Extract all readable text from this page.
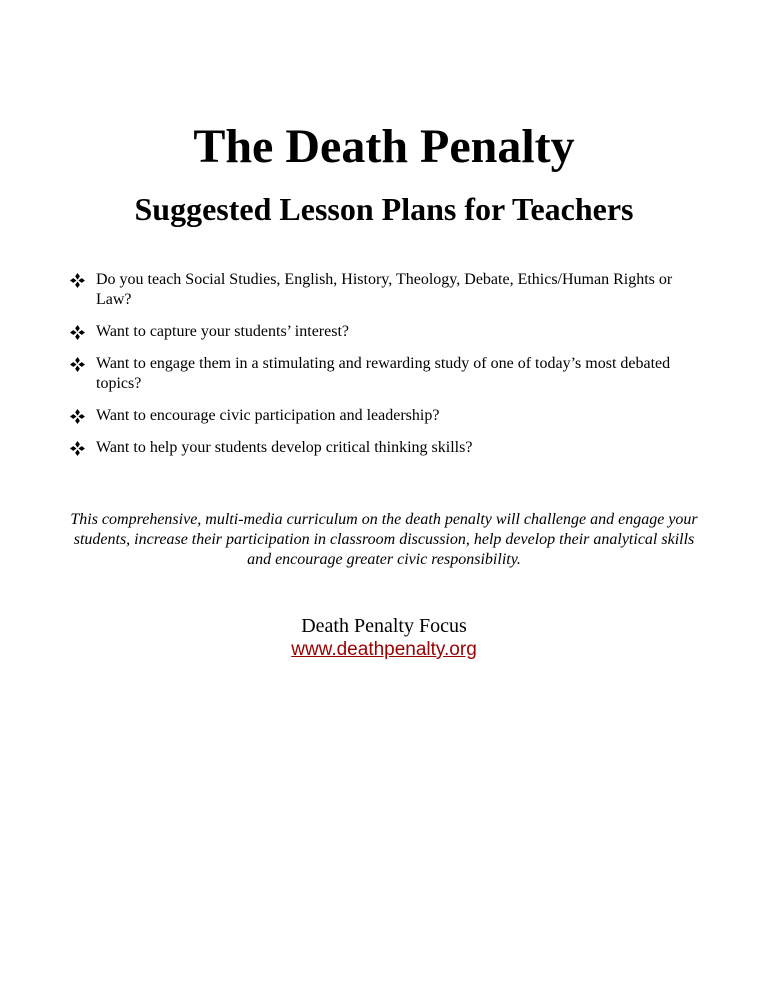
The Death Penalty
Suggested Lesson Plans for Teachers
Do you teach Social Studies, English, History, Theology, Debate, Ethics/Human Rights or Law?
Want to capture your students’ interest?
Want to engage them in a stimulating and rewarding study of one of today’s most debated topics?
Want to encourage civic participation and leadership?
Want to help your students develop critical thinking skills?

This comprehensive, multi-media curriculum on the death penalty will challenge and engage your students, increase their participation in classroom discussion, help develop their analytical skills and encourage greater civic responsibility.

Death Penalty Focus

www.deathpenalty.org
